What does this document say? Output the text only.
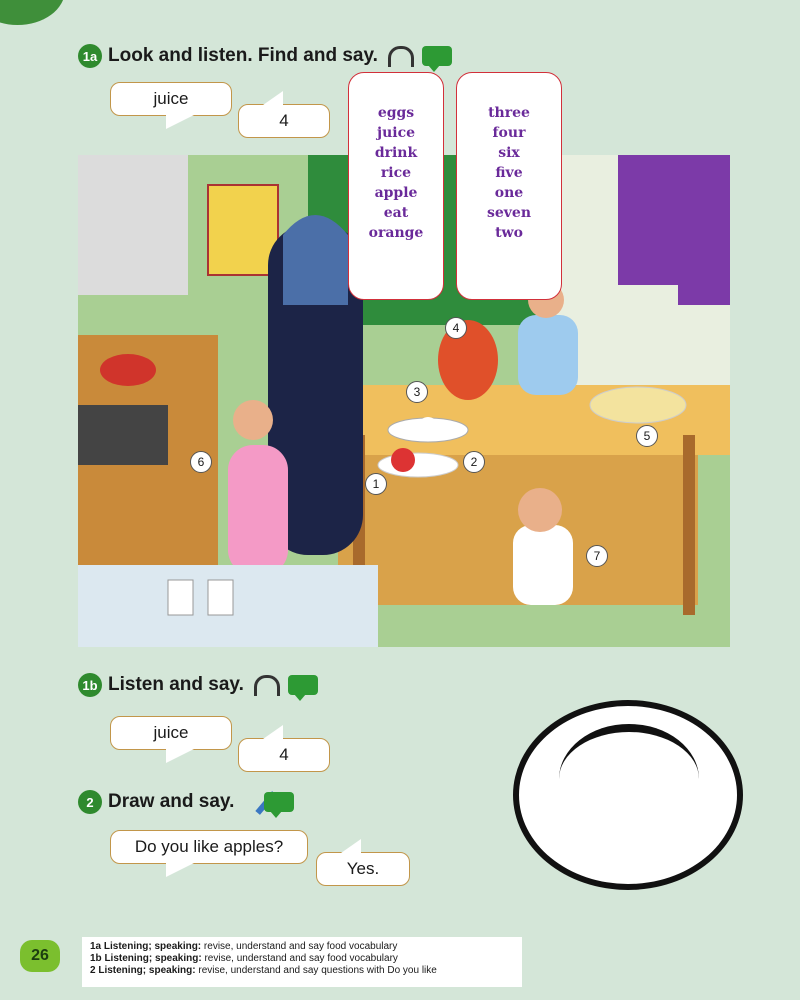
1a Look and listen. Find and say.
juice
4
1
2
3
4
5
6
7
eggs
juice
drink
rice
apple
eat
orange
three
four
six
five
one
seven
two
1b Listen and say.
juice
4
2 Draw and say.
Do you like apples?
Yes.
26
1a Listening; speaking: revise, understand and say food vocabulary
1b Listening; speaking: revise, understand and say food vocabulary
2 Listening; speaking: revise, understand and say questions with Do you like
